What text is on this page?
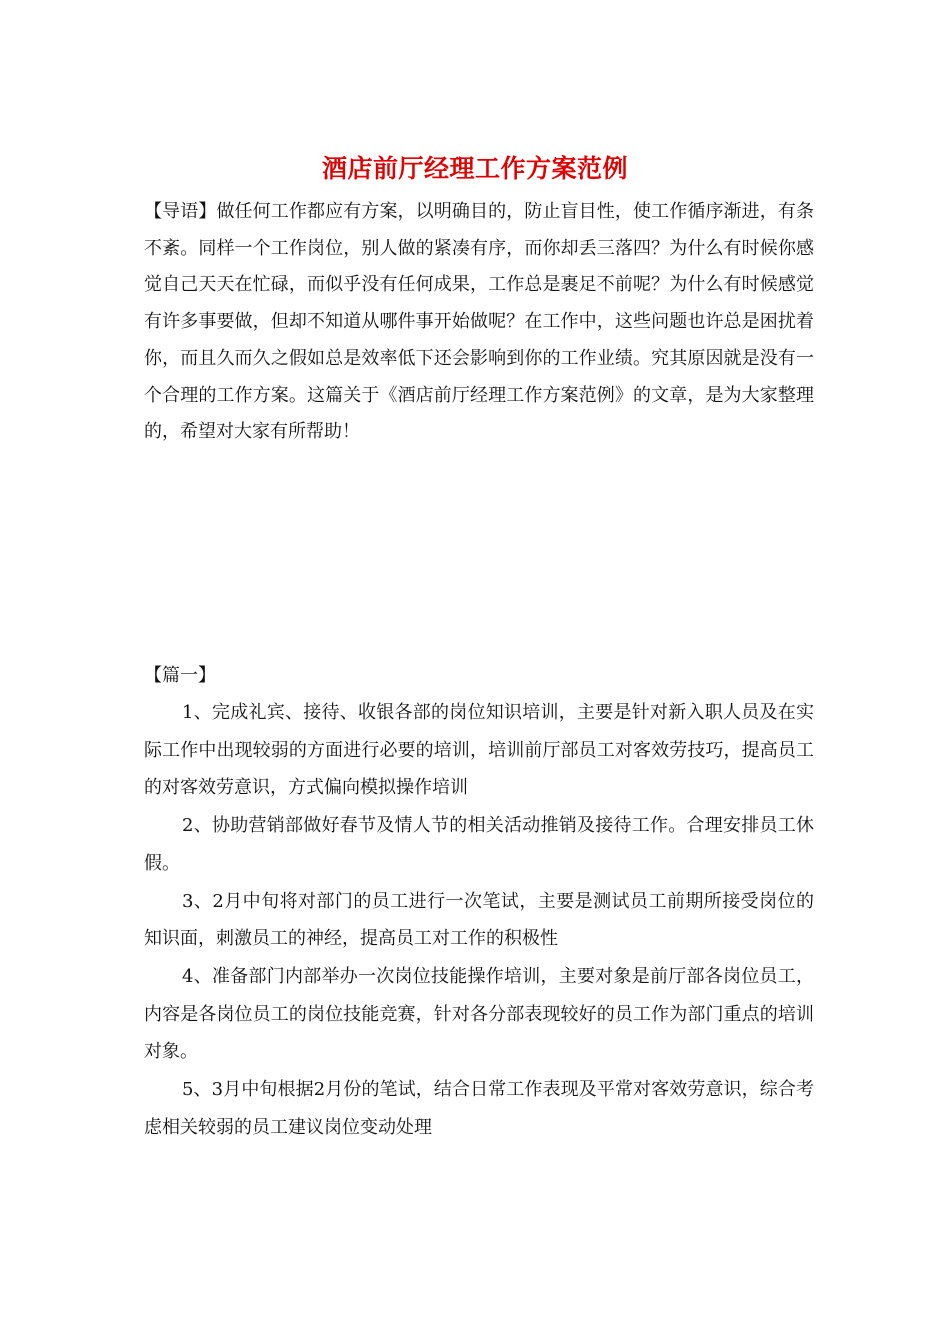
酒店前厅经理工作方案范例

【导语】做任何工作都应有方案，以明确目的，防止盲目性，使工作循序渐进，有条不紊。同样一个工作岗位，别人做的紧凑有序，而你却丢三落四？为什么有时候你感觉自己天天在忙碌，而似乎没有任何成果，工作总是裹足不前呢？为什么有时候感觉有许多事要做，但却不知道从哪件事开始做呢？在工作中，这些问题也许总是困扰着你，而且久而久之假如总是效率低下还会影响到你的工作业绩。究其原因就是没有一个合理的工作方案。这篇关于《酒店前厅经理工作方案范例》的文章，是为大家整理的，希望对大家有所帮助！

【篇一】

1、完成礼宾、接待、收银各部的岗位知识培训，主要是针对新入职人员及在实际工作中出现较弱的方面进行必要的培训，培训前厅部员工对客效劳技巧，提高员工的对客效劳意识，方式偏向模拟操作培训

2、协助营销部做好春节及情人节的相关活动推销及接待工作。合理安排员工休假。

3、2月中旬将对部门的员工进行一次笔试，主要是测试员工前期所接受岗位的知识面，刺激员工的神经，提高员工对工作的积极性

4、准备部门内部举办一次岗位技能操作培训，主要对象是前厅部各岗位员工，内容是各岗位员工的岗位技能竞赛，针对各分部表现较好的员工作为部门重点的培训对象。

5、3月中旬根据2月份的笔试，结合日常工作表现及平常对客效劳意识，综合考虑相关较弱的员工建议岗位变动处理
